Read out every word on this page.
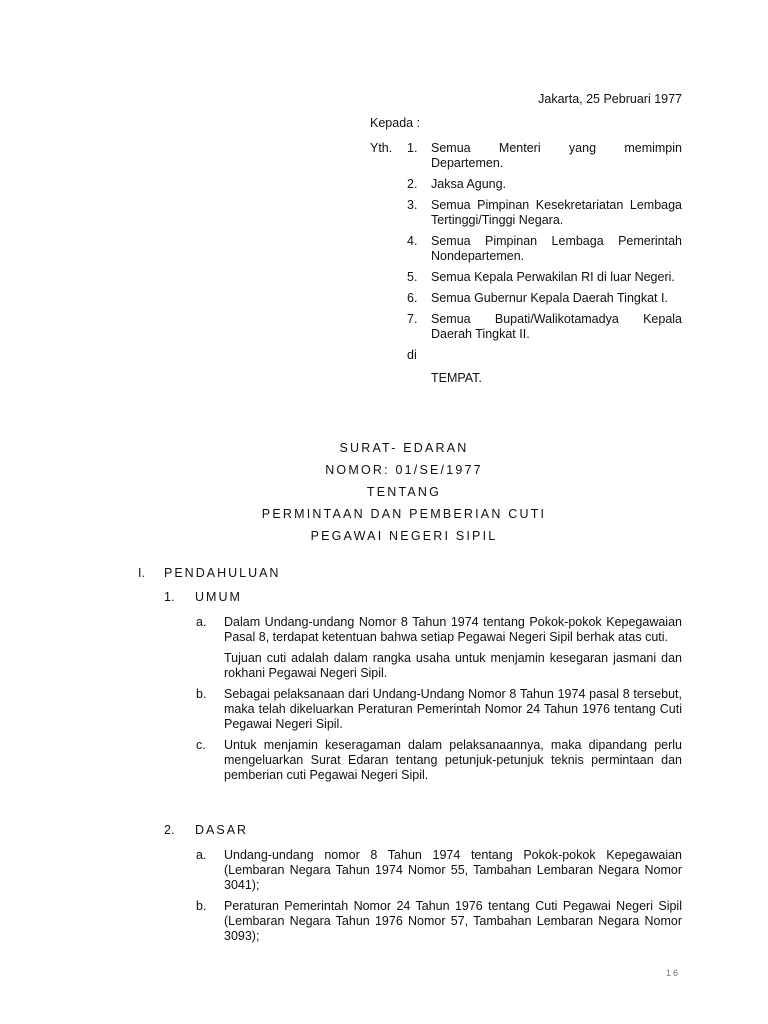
Jakarta, 25 Pebruari 1977
Kepada :
Yth. 1.	Semua Menteri yang memimpin Departemen.
2.	Jaksa Agung.
3.	Semua Pimpinan Kesekretariatan Lembaga Tertinggi/Tinggi Negara.
4.	Semua Pimpinan Lembaga Pemerintah Nondepartemen.
5.	Semua Kepala Perwakilan RI di luar Negeri.
6.	Semua Gubernur Kepala Daerah Tingkat I.
7.	Semua Bupati/Walikotamadya Kepala Daerah Tingkat II.
di
TEMPAT.
SURAT- EDARAN
NOMOR: 01/SE/1977
TENTANG
PERMINTAAN DAN PEMBERIAN CUTI
PEGAWAI NEGERI SIPIL
I. PENDAHULUAN
1. UMUM
a.	Dalam Undang-undang Nomor 8 Tahun 1974 tentang Pokok-pokok Kepegawaian Pasal 8, terdapat ketentuan bahwa setiap Pegawai Negeri Sipil berhak atas cuti.

Tujuan cuti adalah dalam rangka usaha untuk menjamin kesegaran jasmani dan rokhani Pegawai Negeri Sipil.

b.	Sebagai pelaksanaan dari Undang-Undang Nomor 8 Tahun 1974 pasal 8 tersebut, maka telah dikeluarkan Peraturan Pemerintah Nomor 24 Tahun 1976 tentang Cuti Pegawai Negeri Sipil.

c.	Untuk menjamin keseragaman dalam pelaksanaannya, maka dipandang perlu mengeluarkan Surat Edaran tentang petunjuk-petunjuk teknis permintaan dan pemberian cuti Pegawai Negeri Sipil.

2. DASAR
a.	Undang-undang nomor 8 Tahun 1974 tentang Pokok-pokok Kepegawaian (Lembaran Negara Tahun 1974 Nomor 55, Tambahan Lembaran Negara Nomor 3041);

b.	Peraturan Pemerintah Nomor 24 Tahun 1976 tentang Cuti Pegawai Negeri Sipil (Lembaran Negara Tahun 1976 Nomor 57, Tambahan Lembaran Negara Nomor 3093);

16
